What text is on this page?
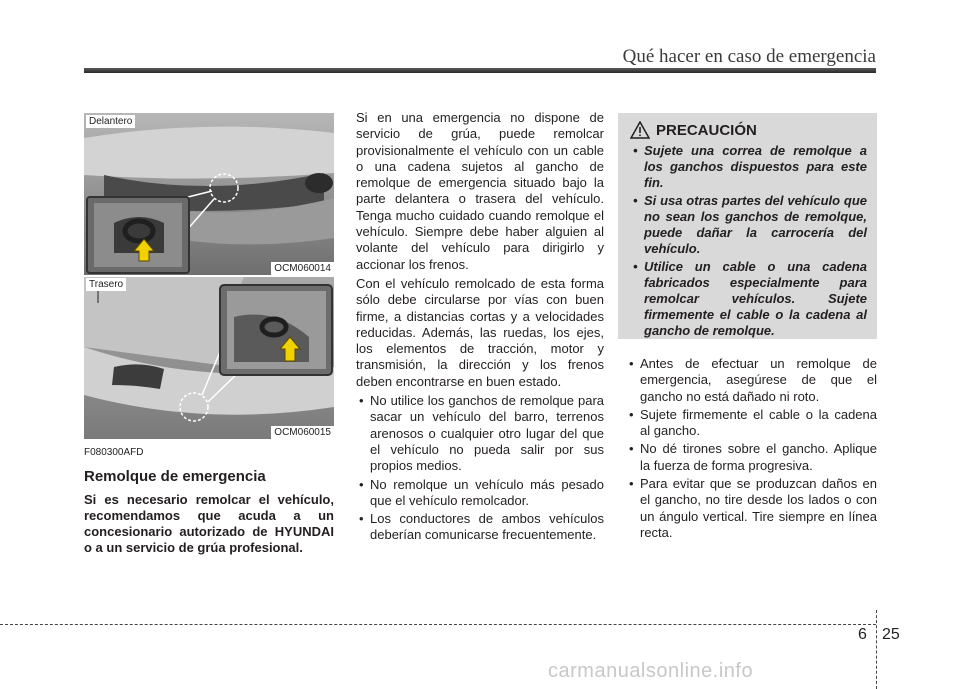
Qué hacer en caso de emergencia
Delantero
OCM060014
Trasero
OCM060015
F080300AFD
Remolque de emergencia
Si es necesario remolcar el vehículo, recomendamos que acuda a un concesionario autorizado de HYUNDAI o a un servicio de grúa profesional.

Si en una emergencia no dispone de servicio de grúa, puede remolcar provisionalmente el vehículo con un cable o una cadena sujetos al gancho de remolque de emergencia situado bajo la parte delantera o trasera del vehículo. Tenga mucho cuidado cuando remolque el vehículo. Siempre debe haber alguien al volante del vehículo para dirigirlo y accionar los frenos.

Con el vehículo remolcado de esta forma sólo debe circularse por vías con buen firme, a distancias cortas y a velocidades reducidas. Además, las ruedas, los ejes, los elementos de tracción, motor y transmisión, la dirección y los frenos deben encontrarse en buen estado.

• No utilice los ganchos de remolque para sacar un vehículo del barro, terrenos arenosos o cualquier otro lugar del que el vehículo no pueda salir por sus propios medios.
• No remolque un vehículo más pesado que el vehículo remolcador.
• Los conductores de ambos vehículos deberían comunicarse frecuentemente.
PRECAUCIÓN
• Sujete una correa de remolque a los ganchos dispuestos para este fin.
• Si usa otras partes del vehículo que no sean los ganchos de remolque, puede dañar la carrocería del vehículo.
• Utilice un cable o una cadena fabricados especialmente para remolcar vehículos. Sujete firmemente el cable o la cadena al gancho de remolque.
• Antes de efectuar un remolque de emergencia, asegúrese de que el gancho no está dañado ni roto.
• Sujete firmemente el cable o la cadena al gancho.
• No dé tirones sobre el gancho. Aplique la fuerza de forma progresiva.
• Para evitar que se produzcan daños en el gancho, no tire desde los lados o con un ángulo vertical. Tire siempre en línea recta.
6 25
carmanualsonline.info
